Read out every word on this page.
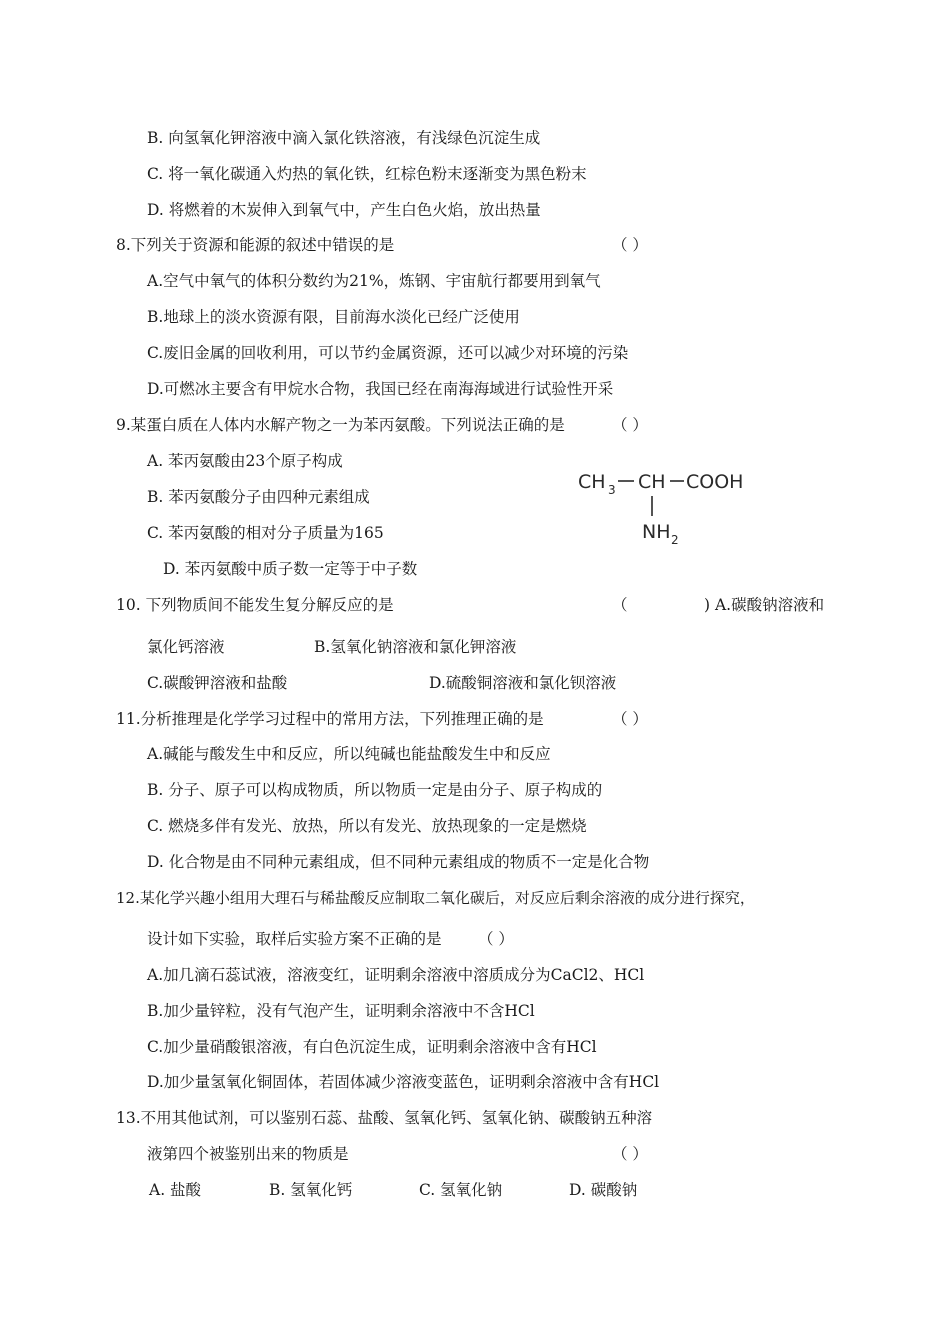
B. 向氢氧化钾溶液中滴入氯化铁溶液，有浅绿色沉淀生成
C. 将一氧化碳通入灼热的氧化铁，红棕色粉末逐渐变为黑色粉末
D. 将燃着的木炭伸入到氧气中，产生白色火焰，放出热量
8.下列关于资源和能源的叙述中错误的是	（ ）
A.空气中氧气的体积分数约为21%，炼钢、宇宙航行都要用到氧气
B.地球上的淡水资源有限，目前海水淡化已经广泛使用
C.废旧金属的回收利用，可以节约金属资源，还可以减少对环境的污染
D.可燃冰主要含有甲烷水合物，我国已经在南海海域进行试验性开采
9.某蛋白质在人体内水解产物之一为苯丙氨酸。下列说法正确的是	（ ）
A. 苯丙氨酸由23个原子构成
B. 苯丙氨酸分子由四种元素组成
C. 苯丙氨酸的相对分子质量为165
D. 苯丙氨酸中质子数一定等于中子数
CH 3 CH COOH
NH 2
10. 下列物质间不能发生复分解反应的是	（	) A.碳酸钠溶液和
氯化钙溶液	B.氢氧化钠溶液和氯化钾溶液
C.碳酸钾溶液和盐酸	D.硫酸铜溶液和氯化钡溶液
11.分析推理是化学学习过程中的常用方法，下列推理正确的是	（ ）
A.碱能与酸发生中和反应，所以纯碱也能盐酸发生中和反应
B. 分子、原子可以构成物质，所以物质一定是由分子、原子构成的
C. 燃烧多伴有发光、放热，所以有发光、放热现象的一定是燃烧
D. 化合物是由不同种元素组成，但不同种元素组成的物质不一定是化合物
12.某化学兴趣小组用大理石与稀盐酸反应制取二氧化碳后，对反应后剩余溶液的成分进行探究，
设计如下实验，取样后实验方案不正确的是 （ ）
A.加几滴石蕊试液，溶液变红，证明剩余溶液中溶质成分为CaCl2、HCl
B.加少量锌粒，没有气泡产生，证明剩余溶液中不含HCl
C.加少量硝酸银溶液，有白色沉淀生成，证明剩余溶液中含有HCl
D.加少量氢氧化铜固体，若固体减少溶液变蓝色，证明剩余溶液中含有HCl
13.不用其他试剂，可以鉴别石蕊、盐酸、氢氧化钙、氢氧化钠、碳酸钠五种溶
液第四个被鉴别出来的物质是	（ ）
A. 盐酸	B. 氢氧化钙	C. 氢氧化钠	D. 碳酸钠
